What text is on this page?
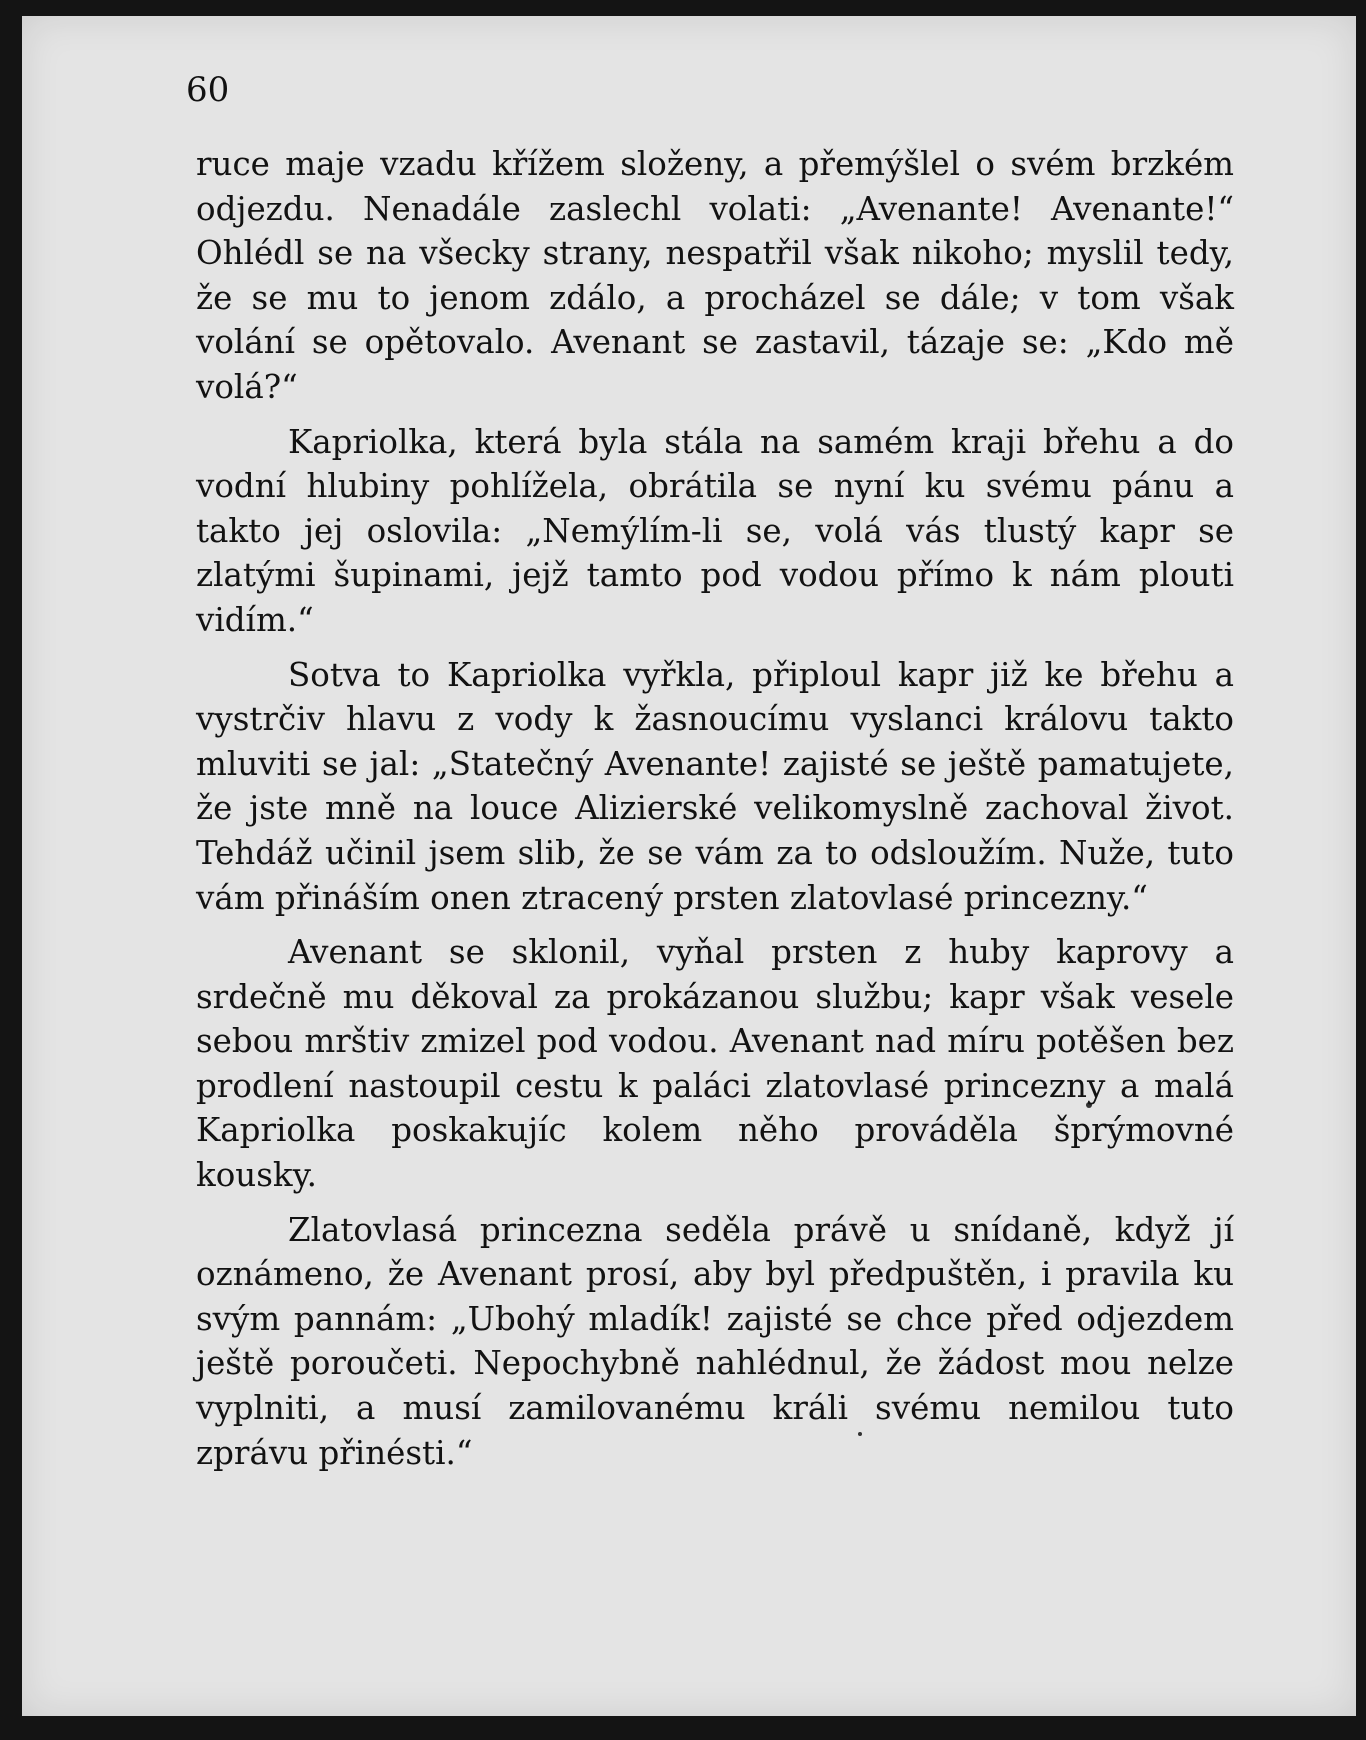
60

ruce maje vzadu křížem složeny, a přemýšlel o svém brzkém odjezdu. Nenadále zaslechl volati: „Avenante! Avenante!“ Ohlédl se na všecky strany, nespatřil však nikoho; myslil tedy, že se mu to jenom zdálo, a procházel se dále; v tom však volání se opětovalo. Avenant se zastavil, tázaje se: „Kdo mě volá?“

Kapriolka, která byla stála na samém kraji břehu a do vodní hlubiny pohlížela, obrátila se nyní ku svému pánu a takto jej oslovila: „Nemýlím-li se, volá vás tlustý kapr se zlatými šupinami, jejž tamto pod vodou přímo k nám plouti vidím.“

Sotva to Kapriolka vyřkla, připloul kapr již ke břehu a vystrčiv hlavu z vody k žasnoucímu vyslanci královu takto mluviti se jal: „Statečný Avenante! zajisté se ještě pamatujete, že jste mně na louce Alizierské velikomyslně zachoval život. Tehdáž učinil jsem slib, že se vám za to odsloužím. Nuže, tuto vám přináším onen ztracený prsten zlatovlasé princezny.“

Avenant se sklonil, vyňal prsten z huby kaprovy a srdečně mu děkoval za prokázanou službu; kapr však vesele sebou mrštiv zmizel pod vodou. Avenant nad míru potěšen bez prodlení nastoupil cestu k paláci zlatovlasé princezny a malá Kapriolka poskakujíc kolem něho prováděla šprýmovné kousky.

Zlatovlasá princezna seděla právě u snídaně, když jí oznámeno, že Avenant prosí, aby byl předpuštěn, i pravila ku svým pannám: „Ubohý mladík! zajisté se chce před odjezdem ještě poroučeti. Nepochybně nahlédnul, že žádost mou nelze vyplniti, a musí zamilovanému králi svému nemilou tuto zprávu přinésti.“
